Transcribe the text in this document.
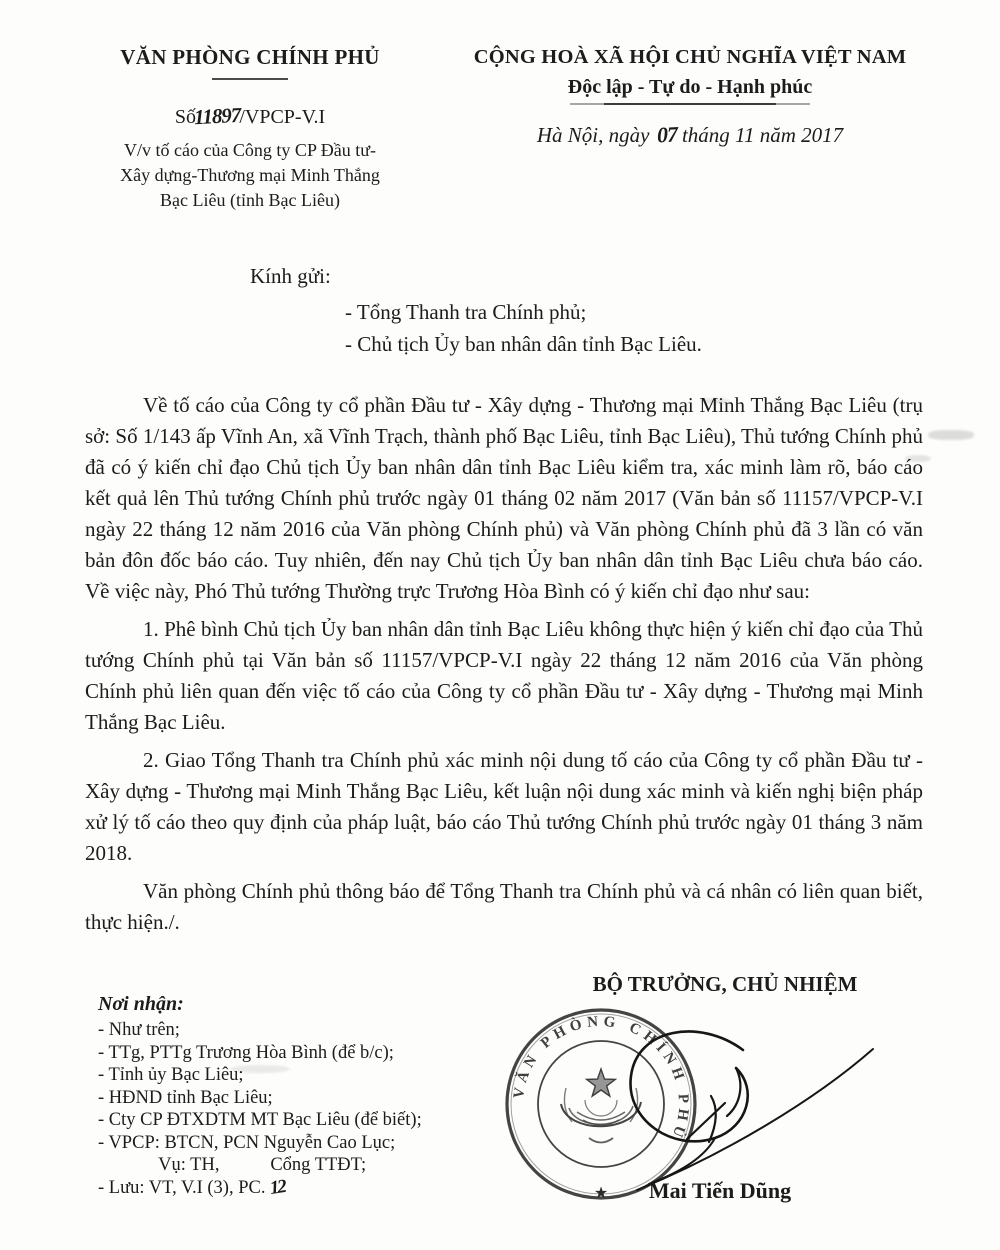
VĂN PHÒNG CHÍNH PHỦ
Số11897/VPCP-V.I
V/v tố cáo của Công ty CP Đầu tư-
Xây dựng-Thương mại Minh Thắng
Bạc Liêu (tỉnh Bạc Liêu)
CỘNG HOÀ XÃ HỘI CHỦ NGHĨA VIỆT NAM
Độc lập - Tự do - Hạnh phúc
Hà Nội, ngày 07 tháng 11 năm 2017
Kính gửi:
- Tổng Thanh tra Chính phủ;
- Chủ tịch Ủy ban nhân dân tỉnh Bạc Liêu.

Về tố cáo của Công ty cổ phần Đầu tư - Xây dựng - Thương mại Minh Thắng Bạc Liêu (trụ sở: Số 1/143 ấp Vĩnh An, xã Vĩnh Trạch, thành phố Bạc Liêu, tỉnh Bạc Liêu), Thủ tướng Chính phủ đã có ý kiến chỉ đạo Chủ tịch Ủy ban nhân dân tỉnh Bạc Liêu kiểm tra, xác minh làm rõ, báo cáo kết quả lên Thủ tướng Chính phủ trước ngày 01 tháng 02 năm 2017 (Văn bản số 11157/VPCP-V.I ngày 22 tháng 12 năm 2016 của Văn phòng Chính phủ) và Văn phòng Chính phủ đã 3 lần có văn bản đôn đốc báo cáo. Tuy nhiên, đến nay Chủ tịch Ủy ban nhân dân tỉnh Bạc Liêu chưa báo cáo. Về việc này, Phó Thủ tướng Thường trực Trương Hòa Bình có ý kiến chỉ đạo như sau:

1. Phê bình Chủ tịch Ủy ban nhân dân tỉnh Bạc Liêu không thực hiện ý kiến chỉ đạo của Thủ tướng Chính phủ tại Văn bản số 11157/VPCP-V.I ngày 22 tháng 12 năm 2016 của Văn phòng Chính phủ liên quan đến việc tố cáo của Công ty cổ phần Đầu tư - Xây dựng - Thương mại Minh Thắng Bạc Liêu.

2. Giao Tổng Thanh tra Chính phủ xác minh nội dung tố cáo của Công ty cổ phần Đầu tư - Xây dựng - Thương mại Minh Thắng Bạc Liêu, kết luận nội dung xác minh và kiến nghị biện pháp xử lý tố cáo theo quy định của pháp luật, báo cáo Thủ tướng Chính phủ trước ngày 01 tháng 3 năm 2018.

Văn phòng Chính phủ thông báo để Tổng Thanh tra Chính phủ và cá nhân có liên quan biết, thực hiện./.

BỘ TRƯỞNG, CHỦ NHIỆM
Nơi nhận:
- Như trên;
- TTg, PTTg Trương Hòa Bình (để b/c);
- Tỉnh ủy Bạc Liêu;
- HĐND tỉnh Bạc Liêu;
- Cty CP ĐTXDTM MT Bạc Liêu (để biết);
- VPCP: BTCN, PCN Nguyễn Cao Lục;
Vụ: TH,           Cổng TTĐT;
- Lưu: VT, V.I (3), PC. 12
VĂN PHÒNG CHÍNH PHỦ
★	Mai Tiến Dũng
